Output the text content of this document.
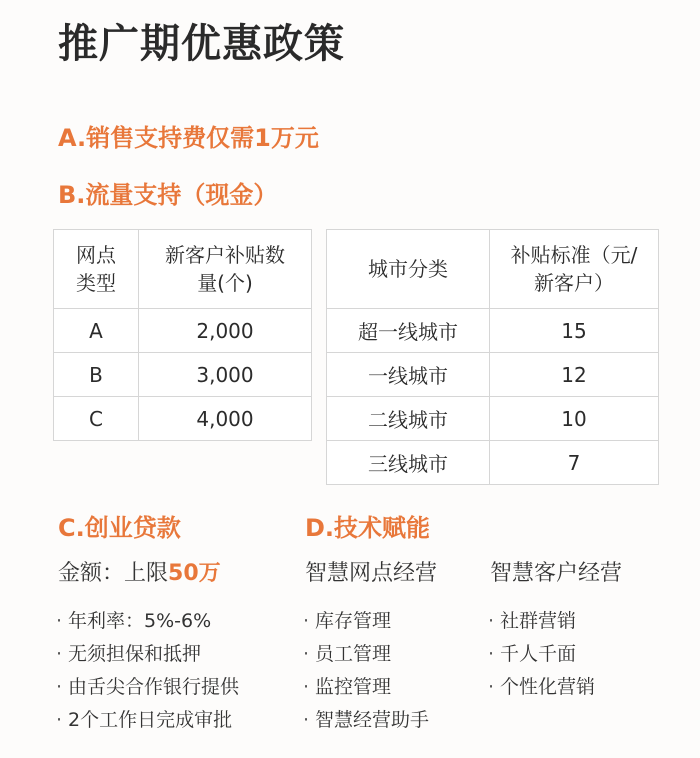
推广期优惠政策
A.销售支持费仅需1万元
B.流量支持（现金）
网点类型	新客户补贴数量(个)
A	2,000
B	3,000
C	4,000
城市分类	补贴标准（元/新客户）
超一线城市	15
一线城市	12
二线城市	10
三线城市	7
C.创业贷款	D.技术赋能
金额：上限50万	智慧网点经营 智慧客户经营
· 年利率：5%-6%
· 无须担保和抵押
· 由舌尖合作银行提供
· 2个工作日完成审批
· 库存管理
· 员工管理
· 监控管理
· 智慧经营助手
· 社群营销
· 千人千面
· 个性化营销
